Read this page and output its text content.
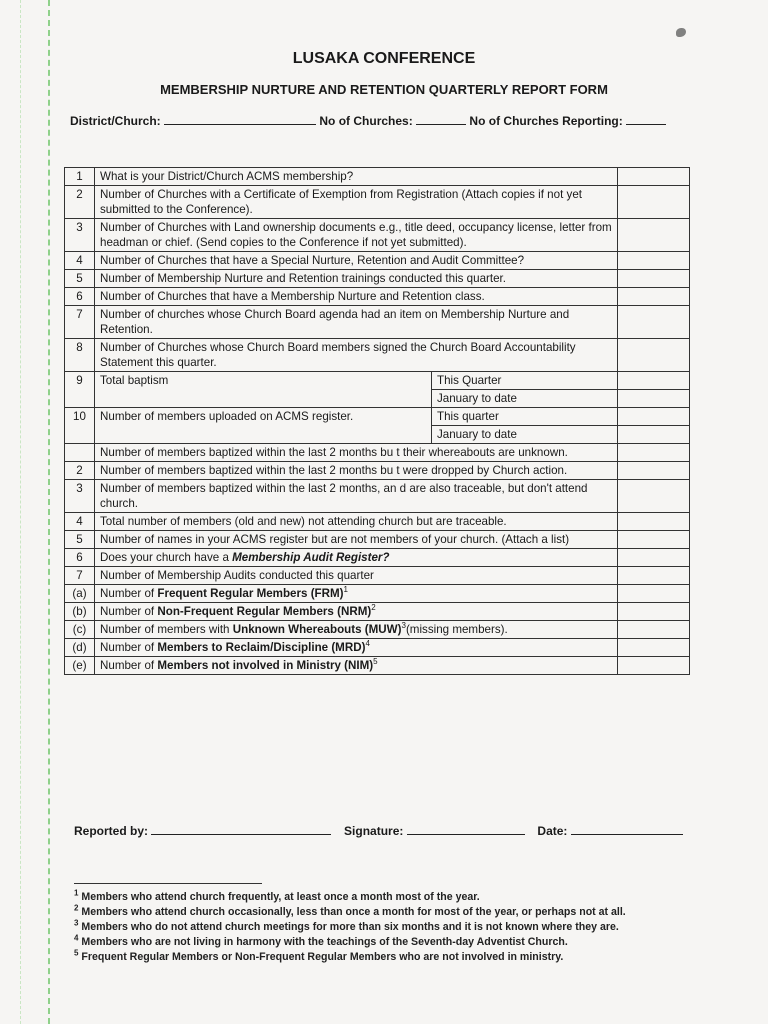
LUSAKA CONFERENCE
MEMBERSHIP NURTURE AND RETENTION QUARTERLY REPORT FORM
District/Church:	No of Churches:	No of Churches Reporting:
1	What is your District/Church ACMS membership?		
2	Number of Churches with a Certificate of Exemption from Registration (Attach copies if not yet submitted to the Conference).		
3	Number of Churches with Land ownership documents e.g., title deed, occupancy license, letter from headman or chief. (Send copies to the Conference if not yet submitted).		
4	Number of Churches that have a Special Nurture, Retention and Audit Committee?		
5	Number of Membership Nurture and Retention trainings conducted this quarter.		
6	Number of Churches that have a Membership Nurture and Retention class.		
7	Number of churches whose Church Board agenda had an item on Membership Nurture and Retention.		
8	Number of Churches whose Church Board members signed the Church Board Accountability Statement this quarter.		
9	Total baptism	This Quarter	
		January to date	
10	Number of members uploaded on ACMS register.	This quarter	
		January to date	
	Number of members baptized within the last 2 months bu t their whereabouts are unknown.		
2	Number of members baptized within the last 2 months bu t were dropped by Church action.		
3	Number of members baptized within the last 2 months, an d are also traceable, but don't attend church.		
4	Total number of members (old and new) not attending church but are traceable.		
5	Number of names in your ACMS register but are not members of your church. (Attach a list)		
6	Does your church have a Membership Audit Register?		
7	Number of Membership Audits conducted this quarter		
(a)	Number of Frequent Regular Members (FRM)$^1$	
(b)	Number of Non-Frequent Regular Members (NRM)$^2$	
(c)	Number of members with Unknown Whereabouts (MUW)$^3$(missing members).		
(d)	Number of Members to Reclaim/Discipline (MRD)$^4$	
(e)	Number of Members not involved in Ministry (NIM)$^5$	
Reported by:	Signature:	Date:
$^1$ Members who attend church frequently, at least once a month most of the year.
$^2$ Members who attend church occasionally, less than once a month for most of the year, or perhaps not at all.
$^3$ Members who do not attend church meetings for more than six months and it is not known where they are.
$^4$ Members who are not living in harmony with the teachings of the Seventh-day Adventist Church.
$^5$ Frequent Regular Members or Non-Frequent Regular Members who are not involved in ministry.
